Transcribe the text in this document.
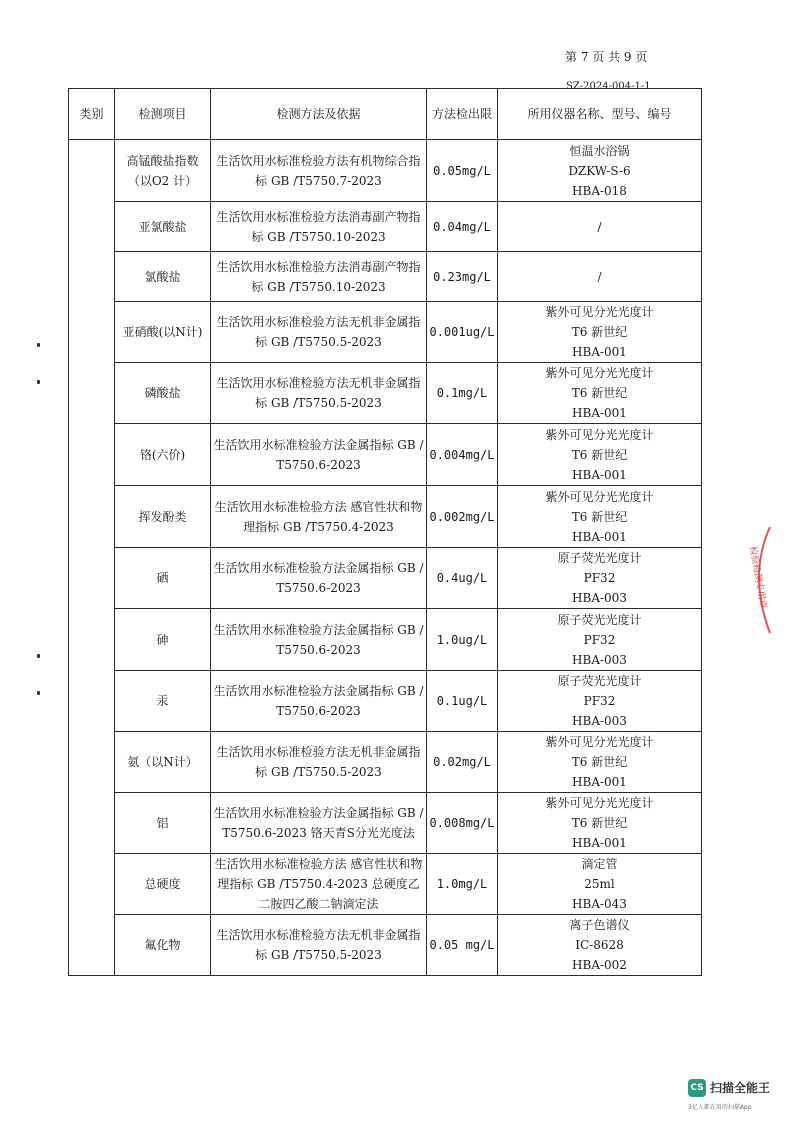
第 7 页 共 9 页
SZ-2024-004-1-1
类别	检测项目	检测方法及依据	方法检出限	所用仪器名称、型号、编号
	高锰酸盐指数（以O2 计）	生活饮用水标准检验方法有机物综合指标 GB /T5750.7-2023	0.05mg/L	恒温水浴锅
DZKW-S-6
HBA-018

	亚氯酸盐	生活饮用水标准检验方法消毒副产物指标 GB /T5750.10-2023	0.04mg/L	/

	氯酸盐	生活饮用水标准检验方法消毒副产物指标 GB /T5750.10-2023	0.23mg/L	/

	亚硝酸(以N计)	生活饮用水标准检验方法无机非金属指标 GB /T5750.5-2023	0.001ug/L	紫外可见分光光度计
T6 新世纪
HBA-001

	磷酸盐	生活饮用水标准检验方法无机非金属指标 GB /T5750.5-2023	0.1mg/L	紫外可见分光光度计
T6 新世纪
HBA-001

	铬(六价)	生活饮用水标准检验方法金属指标 GB /T5750.6-2023	0.004mg/L	紫外可见分光光度计
T6 新世纪
HBA-001

	挥发酚类	生活饮用水标准检验方法 感官性状和物理指标 GB /T5750.4-2023	0.002mg/L	紫外可见分光光度计
T6 新世纪
HBA-001

	硒	生活饮用水标准检验方法金属指标 GB /T5750.6-2023	0.4ug/L	原子荧光光度计
PF32
HBA-003

	砷	生活饮用水标准检验方法金属指标 GB /T5750.6-2023	1.0ug/L	原子荧光光度计
PF32
HBA-003

	汞	生活饮用水标准检验方法金属指标 GB /T5750.6-2023	0.1ug/L	原子荧光光度计
PF32
HBA-003

	氨（以N计）	生活饮用水标准检验方法无机非金属指标 GB /T5750.5-2023	0.02mg/L	紫外可见分光光度计
T6 新世纪
HBA-001

	铝	生活饮用水标准检验方法金属指标 GB /T5750.6-2023 铬天青S分光光度法	0.008mg/L	紫外可见分光光度计
T6 新世纪
HBA-001

	总硬度	生活饮用水标准检验方法 感官性状和物理指标 GB /T5750.4-2023 总硬度乙二胺四乙酸二钠滴定法	1.0mg/L	滴定管
25ml
HBA-043

	氟化物	生活饮用水标准检验方法无机非金属指标 GB /T5750.5-2023	0.05 mg/L	离子色谱仪
IC-8628
HBA-002
检验检测专用章
CS 扫描全能王
3亿人都在用的扫描App
